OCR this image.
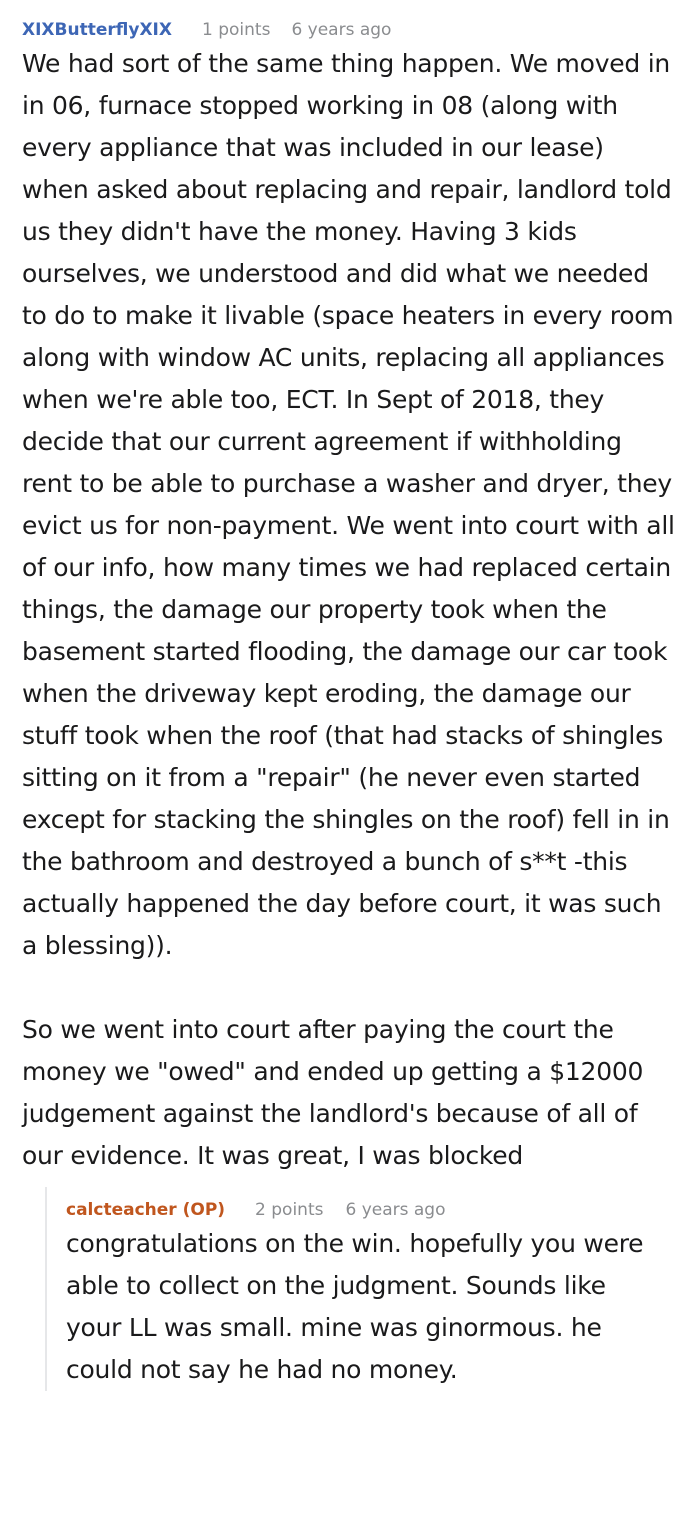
XIXButterflyXIX 1 points 6 years ago

We had sort of the same thing happen. We moved in in 06, furnace stopped working in 08 (along with every appliance that was included in our lease) when asked about replacing and repair, landlord told us they didn't have the money. Having 3 kids ourselves, we understood and did what we needed to do to make it livable (space heaters in every room along with window AC units, replacing all appliances when we're able too, ECT. In Sept of 2018, they decide that our current agreement if withholding rent to be able to purchase a washer and dryer, they evict us for non-payment. We went into court with all of our info, how many times we had replaced certain things, the damage our property took when the basement started flooding, the damage our car took when the driveway kept eroding, the damage our stuff took when the roof (that had stacks of shingles sitting on it from a "repair" (he never even started except for stacking the shingles on the roof) fell in in the bathroom and destroyed a bunch of s**t -this actually happened the day before court, it was such a blessing)).

So we went into court after paying the court the money we "owed" and ended up getting a $12000 judgement against the landlord's because of all of our evidence. It was great, I was blocked

calcteacher (OP) 2 points 6 years ago

congratulations on the win. hopefully you were able to collect on the judgment. Sounds like your LL was small. mine was ginormous. he could not say he had no money.
